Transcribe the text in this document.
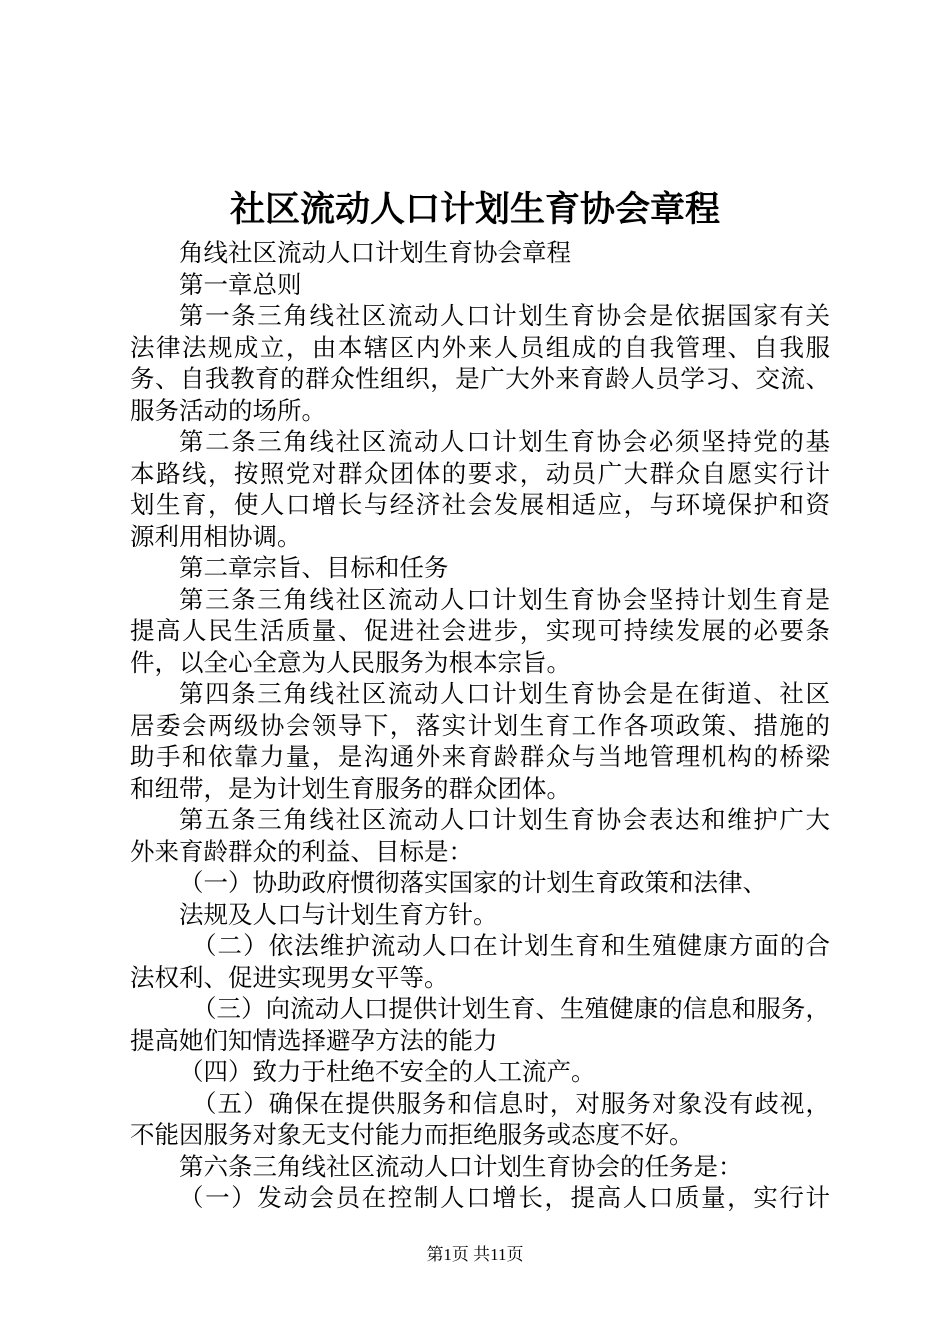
社区流动人口计划生育协会章程
角线社区流动人口计划生育协会章程
第一章总则
第一条三角线社区流动人口计划生育协会是依据国家有关
法律法规成立，由本辖区内外来人员组成的自我管理、自我服
务、自我教育的群众性组织，是广大外来育龄人员学习、交流、
服务活动的场所。
第二条三角线社区流动人口计划生育协会必须坚持党的基
本路线，按照党对群众团体的要求，动员广大群众自愿实行计
划生育，使人口增长与经济社会发展相适应，与环境保护和资
源利用相协调。
第二章宗旨、目标和任务
第三条三角线社区流动人口计划生育协会坚持计划生育是
提高人民生活质量、促进社会进步，实现可持续发展的必要条
件，以全心全意为人民服务为根本宗旨。
第四条三角线社区流动人口计划生育协会是在街道、社区
居委会两级协会领导下，落实计划生育工作各项政策、措施的
助手和依靠力量，是沟通外来育龄群众与当地管理机构的桥梁
和纽带，是为计划生育服务的群众团体。
第五条三角线社区流动人口计划生育协会表达和维护广大
外来育龄群众的利益、目标是：
（一）协助政府惯彻落实国家的计划生育政策和法律、
法规及人口与计划生育方针。
（二）依法维护流动人口在计划生育和生殖健康方面的合
法权利、促进实现男女平等。
（三）向流动人口提供计划生育、生殖健康的信息和服务，
提高她们知情选择避孕方法的能力
（四）致力于杜绝不安全的人工流产。
（五）确保在提供服务和信息时，对服务对象没有歧视，
不能因服务对象无支付能力而拒绝服务或态度不好。
第六条三角线社区流动人口计划生育协会的任务是：
（一）发动会员在控制人口增长，提高人口质量，实行计
第1页 共11页
